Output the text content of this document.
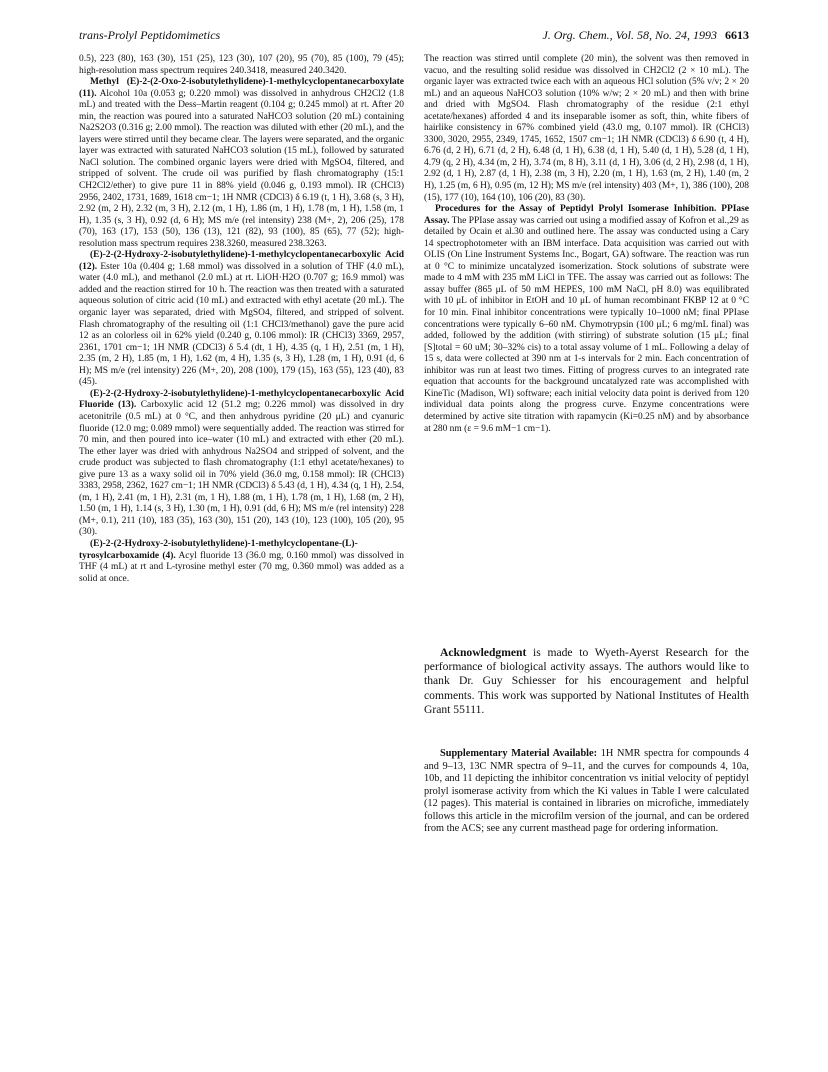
trans-Prolyl Peptidomimetics	J. Org. Chem., Vol. 58, No. 24, 1993 6613

0.5), 223 (80), 163 (30), 151 (25), 123 (30), 107 (20), 95 (70), 85 (100), 79 (45); high-resolution mass spectrum requires 240.3418, measured 240.3420.

Methyl (E)-2-(2-Oxo-2-isobutylethylidene)-1-methylcyclopentanecarboxylate (11). Alcohol 10a (0.053 g; 0.220 mmol) was dissolved in anhydrous CH2Cl2 (1.8 mL) and treated with the Dess–Martin reagent (0.104 g; 0.245 mmol) at rt. After 20 min, the reaction was poured into a saturated NaHCO3 solution (20 mL) containing Na2S2O3 (0.316 g; 2.00 mmol). The reaction was diluted with ether (20 mL), and the layers were stirred until they became clear. The layers were separated, and the organic layer was extracted with saturated NaHCO3 solution (15 mL), followed by saturated NaCl solution. The combined organic layers were dried with MgSO4, filtered, and stripped of solvent. The crude oil was purified by flash chromatography (15:1 CH2Cl2/ether) to give pure 11 in 88% yield (0.046 g, 0.193 mmol). IR (CHCl3) 2956, 2402, 1731, 1689, 1618 cm−1; 1H NMR (CDCl3) δ 6.19 (t, 1 H), 3.68 (s, 3 H), 2.92 (m, 2 H), 2.32 (m, 3 H), 2.12 (m, 1 H), 1.86 (m, 1 H), 1.78 (m, 1 H), 1.58 (m, 1 H), 1.35 (s, 3 H), 0.92 (d, 6 H); MS m/e (rel intensity) 238 (M+, 2), 206 (25), 178 (70), 163 (17), 153 (50), 136 (13), 121 (82), 93 (100), 85 (65), 77 (52); high-resolution mass spectrum requires 238.3260, measured 238.3263.

(E)-2-(2-Hydroxy-2-isobutylethylidene)-1-methylcyclopentanecarboxylic Acid (12). Ester 10a (0.404 g; 1.68 mmol) was dissolved in a solution of THF (4.0 mL), water (4.0 mL), and methanol (2.0 mL) at rt. LiOH·H2O (0.707 g; 16.9 mmol) was added and the reaction stirred for 10 h. The reaction was then treated with a saturated aqueous solution of citric acid (10 mL) and extracted with ethyl acetate (20 mL). The organic layer was separated, dried with MgSO4, filtered, and stripped of solvent. Flash chromatography of the resulting oil (1:1 CHCl3/methanol) gave the pure acid 12 as an colorless oil in 62% yield (0.240 g, 0.106 mmol): IR (CHCl3) 3369, 2957, 2361, 1701 cm−1; 1H NMR (CDCl3) δ 5.4 (dt, 1 H), 4.35 (q, 1 H), 2.51 (m, 1 H), 2.35 (m, 2 H), 1.85 (m, 1 H), 1.62 (m, 4 H), 1.35 (s, 3 H), 1.28 (m, 1 H), 0.91 (d, 6 H); MS m/e (rel intensity) 226 (M+, 20), 208 (100), 179 (15), 163 (55), 123 (40), 83 (45).

(E)-2-(2-Hydroxy-2-isobutylethylidene)-1-methylcyclopentanecarboxylic Acid Fluoride (13). Carboxylic acid 12 (51.2 mg; 0.226 mmol) was dissolved in dry acetonitrile (0.5 mL) at 0 °C, and then anhydrous pyridine (20 μL) and cyanuric fluoride (12.0 mg; 0.089 mmol) were sequentially added. The reaction was stirred for 70 min, and then poured into ice–water (10 mL) and extracted with ether (20 mL). The ether layer was dried with anhydrous Na2SO4 and stripped of solvent, and the crude product was subjected to flash chromatography (1:1 ethyl acetate/hexanes) to give pure 13 as a waxy solid oil in 70% yield (36.0 mg, 0.158 mmol): IR (CHCl3) 3383, 2958, 2362, 1627 cm−1; 1H NMR (CDCl3) δ 5.43 (d, 1 H), 4.34 (q, 1 H), 2.54, (m, 1 H), 2.41 (m, 1 H), 2.31 (m, 1 H), 1.88 (m, 1 H), 1.78 (m, 1 H), 1.68 (m, 2 H), 1.50 (m, 1 H), 1.14 (s, 3 H), 1.30 (m, 1 H), 0.91 (dd, 6 H); MS m/e (rel intensity) 228 (M+, 0.1), 211 (10), 183 (35), 163 (30), 151 (20), 143 (10), 123 (100), 105 (20), 95 (30).

(E)-2-(2-Hydroxy-2-isobutylethylidene)-1-methylcyclopentane-(L)-tyrosylcarboxamide (4). Acyl fluoride 13 (36.0 mg, 0.160 mmol) was dissolved in THF (4 mL) at rt and L-tyrosine methyl ester (70 mg, 0.360 mmol) was added as a solid at once.

The reaction was stirred until complete (20 min), the solvent was then removed in vacuo, and the resulting solid residue was dissolved in CH2Cl2 (2 × 10 mL). The organic layer was extracted twice each with an aqueous HCl solution (5% v/v; 2 × 20 mL) and an aqueous NaHCO3 solution (10% w/w; 2 × 20 mL) and then with brine and dried with MgSO4. Flash chromatography of the residue (2:1 ethyl acetate/hexanes) afforded 4 and its inseparable isomer as soft, thin, white fibers of hairlike consistency in 67% combined yield (43.0 mg, 0.107 mmol). IR (CHCl3) 3300, 3020, 2955, 2349, 1745, 1652, 1507 cm−1; 1H NMR (CDCl3) δ 6.90 (t, 4 H), 6.76 (d, 2 H), 6.71 (d, 2 H), 6.48 (d, 1 H), 6.38 (d, 1 H), 5.40 (d, 1 H), 5.28 (d, 1 H), 4.79 (q, 2 H), 4.34 (m, 2 H), 3.74 (m, 8 H), 3.11 (d, 1 H), 3.06 (d, 2 H), 2.98 (d, 1 H), 2.92 (d, 1 H), 2.87 (d, 1 H), 2.38 (m, 3 H), 2.20 (m, 1 H), 1.63 (m, 2 H), 1.40 (m, 2 H), 1.25 (m, 6 H), 0.95 (m, 12 H); MS m/e (rel intensity) 403 (M+, 1), 386 (100), 208 (15), 177 (10), 164 (10), 106 (20), 83 (30).

Procedures for the Assay of Peptidyl Prolyl Isomerase Inhibition. PPIase Assay. The PPIase assay was carried out using a modified assay of Kofron et al.,29 as detailed by Ocain et al.30 and outlined here. The assay was conducted using a Cary 14 spectrophotometer with an IBM interface. Data acquisition was carried out with OLIS (On Line Instrument Systems Inc., Bogart, GA) software. The reaction was run at 0 °C to minimize uncatalyzed isomerization. Stock solutions of substrate were made to 4 mM with 235 mM LiCl in TFE. The assay was carried out as follows: The assay buffer (865 μL of 50 mM HEPES, 100 mM NaCl, pH 8.0) was equilibrated with 10 μL of inhibitor in EtOH and 10 μL of human recombinant FKBP 12 at 0 °C for 10 min. Final inhibitor concentrations were typically 10–1000 nM; final PPIase concentrations were typically 6–60 nM. Chymotrypsin (100 μL; 6 mg/mL final) was added, followed by the addition (with stirring) of substrate solution (15 μL; final [S]total = 60 uM; 30–32% cis) to a total assay volume of 1 mL. Following a delay of 15 s, data were collected at 390 nm at 1-s intervals for 2 min. Each concentration of inhibitor was run at least two times. Fitting of progress curves to an integrated rate equation that accounts for the background uncatalyzed rate was accomplished with KineTic (Madison, WI) software; each initial velocity data point is derived from 120 individual data points along the progress curve. Enzyme concentrations were determined by active site titration with rapamycin (Ki=0.25 nM) and by absorbance at 280 nm (ε = 9.6 mM−1 cm−1).

Acknowledgment is made to Wyeth-Ayerst Research for the performance of biological activity assays. The authors would like to thank Dr. Guy Schiesser for his encouragement and helpful comments. This work was supported by National Institutes of Health Grant 55111.

Supplementary Material Available: 1H NMR spectra for compounds 4 and 9–13, 13C NMR spectra of 9–11, and the curves for compounds 4, 10a, 10b, and 11 depicting the inhibitor concentration vs initial velocity of peptidyl prolyl isomerase activity from which the Ki values in Table I were calculated (12 pages). This material is contained in libraries on microfiche, immediately follows this article in the microfilm version of the journal, and can be ordered from the ACS; see any current masthead page for ordering information.
